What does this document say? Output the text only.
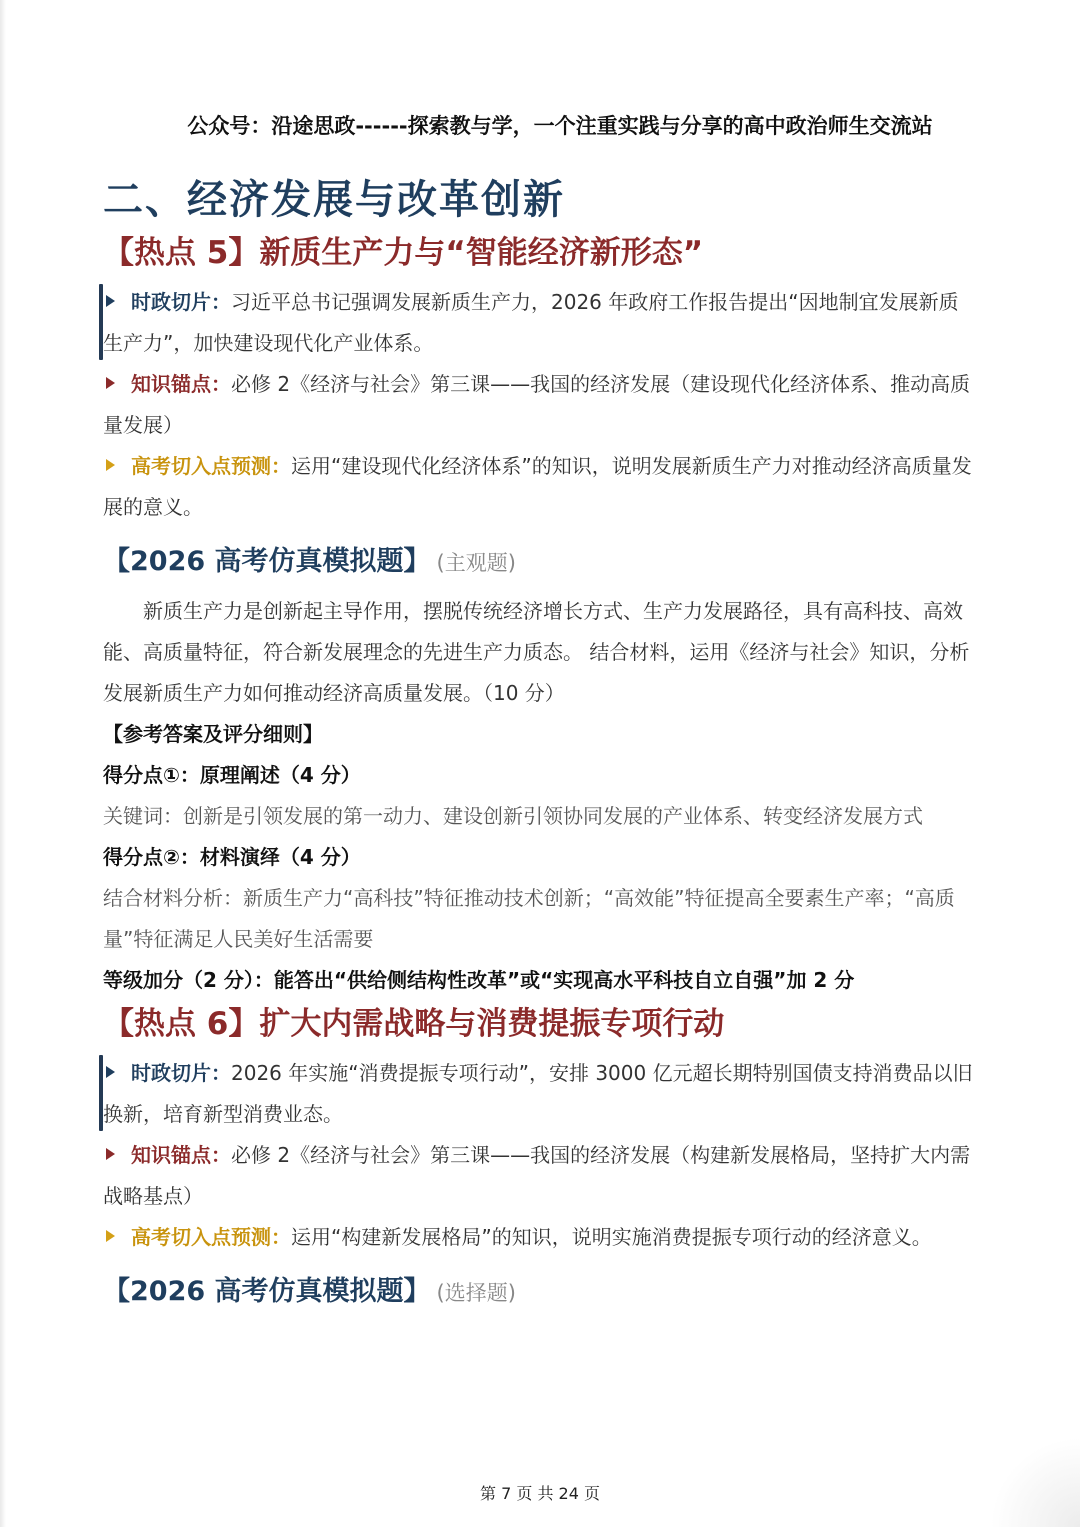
公众号：沿途思政------探索教与学，一个注重实践与分享的高中政治师生交流站
二、经济发展与改革创新
【热点 5】新质生产力与“智能经济新形态”

时政切片：习近平总书记强调发展新质生产力，2026 年政府工作报告提出“因地制宜发展新质生产力”，加快建设现代化产业体系。

知识锚点：必修 2《经济与社会》第三课——我国的经济发展（建设现代化经济体系、推动高质量发展）

高考切入点预测：运用“建设现代化经济体系”的知识，说明发展新质生产力对推动经济高质量发展的意义。

【2026 高考仿真模拟题】 (主观题)

新质生产力是创新起主导作用，摆脱传统经济增长方式、生产力发展路径，具有高科技、高效能、高质量特征，符合新发展理念的先进生产力质态。 结合材料，运用《经济与社会》知识，分析发展新质生产力如何推动经济高质量发展。（10 分）

【参考答案及评分细则】

得分点①：原理阐述（4 分）

关键词：创新是引领发展的第一动力、建设创新引领协同发展的产业体系、转变经济发展方式

得分点②：材料演绎（4 分）

结合材料分析：新质生产力“高科技”特征推动技术创新；“高效能”特征提高全要素生产率；“高质量”特征满足人民美好生活需要

等级加分（2 分）：能答出“供给侧结构性改革”或“实现高水平科技自立自强”加 2 分

【热点 6】扩大内需战略与消费提振专项行动

时政切片：2026 年实施“消费提振专项行动”，安排 3000 亿元超长期特别国债支持消费品以旧换新，培育新型消费业态。

知识锚点：必修 2《经济与社会》第三课——我国的经济发展（构建新发展格局，坚持扩大内需战略基点）

高考切入点预测：运用“构建新发展格局”的知识，说明实施消费提振专项行动的经济意义。

【2026 高考仿真模拟题】 (选择题)
第 7 页 共 24 页
